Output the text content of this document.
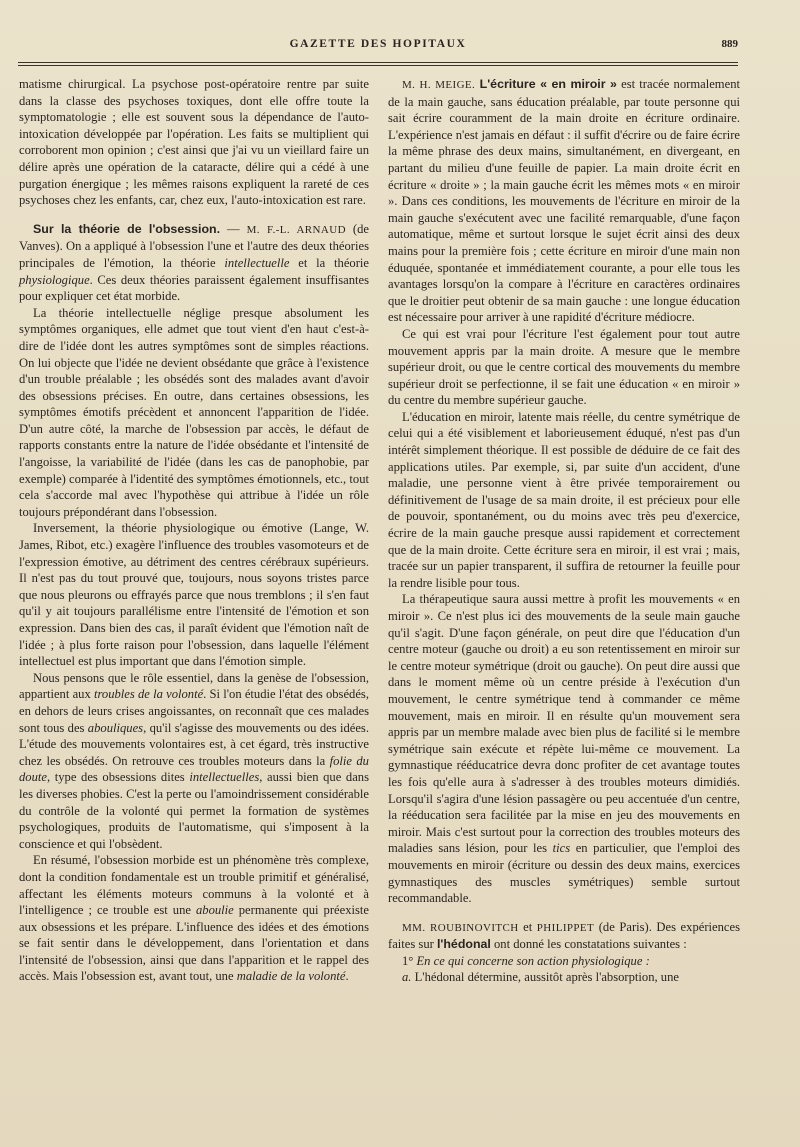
GAZETTE DES HOPITAUX	889

matisme chirurgical. La psychose post-opératoire rentre par suite dans la classe des psychoses toxiques, dont elle offre toute la symptomatologie ; elle est souvent sous la dépendance de l'auto-intoxication développée par l'opération. Les faits se multiplient qui corroborent mon opinion ; c'est ainsi que j'ai vu un vieillard faire un délire après une opération de la cataracte, délire qui a cédé à une purgation énergique ; les mêmes raisons expliquent la rareté de ces psychoses chez les enfants, car, chez eux, l'auto-intoxication est rare.

Sur la théorie de l'obsession. — M. F.-L. ARNAUD (de Vanves). On a appliqué à l'obsession l'une et l'autre des deux théories principales de l'émotion, la théorie intellectuelle et la théorie physiologique. Ces deux théories paraissent également insuffisantes pour expliquer cet état morbide.

La théorie intellectuelle néglige presque absolument les symptômes organiques, elle admet que tout vient d'en haut c'est-à-dire de l'idée dont les autres symptômes sont de simples réactions. On lui objecte que l'idée ne devient obsédante que grâce à l'existence d'un trouble préalable ; les obsédés sont des malades avant d'avoir des obsessions précises. En outre, dans certaines obsessions, les symptômes émotifs précèdent et annoncent l'apparition de l'idée. D'un autre côté, la marche de l'obsession par accès, le défaut de rapports constants entre la nature de l'idée obsédante et l'intensité de l'angoisse, la variabilité de l'idée (dans les cas de panophobie, par exemple) comparée à l'identité des symptômes émotionnels, etc., tout cela s'accorde mal avec l'hypothèse qui attribue à l'idée un rôle toujours prépondérant dans l'obsession.

Inversement, la théorie physiologique ou émotive (Lange, W. James, Ribot, etc.) exagère l'influence des troubles vasomoteurs et de l'expression émotive, au détriment des centres cérébraux supérieurs. Il n'est pas du tout prouvé que, toujours, nous soyons tristes parce que nous pleurons ou effrayés parce que nous tremblons ; il s'en faut qu'il y ait toujours parallélisme entre l'intensité de l'émotion et son expression. Dans bien des cas, il paraît évident que l'émotion naît de l'idée ; à plus forte raison pour l'obsession, dans laquelle l'élément intellectuel est plus important que dans l'émotion simple.

Nous pensons que le rôle essentiel, dans la genèse de l'obsession, appartient aux troubles de la volonté. Si l'on étudie l'état des obsédés, en dehors de leurs crises angoissantes, on reconnaît que ces malades sont tous des abouliques, qu'il s'agisse des mouvements ou des idées. L'étude des mouvements volontaires est, à cet égard, très instructive chez les obsédés. On retrouve ces troubles moteurs dans la folie du doute, type des obsessions dites intellectuelles, aussi bien que dans les diverses phobies. C'est la perte ou l'amoindrissement considérable du contrôle de la volonté qui permet la formation de systèmes psychologiques, produits de l'automatisme, qui s'imposent à la conscience et qui l'obsèdent.

En résumé, l'obsession morbide est un phénomène très complexe, dont la condition fondamentale est un trouble primitif et généralisé, affectant les éléments moteurs communs à la volonté et à l'intelligence ; ce trouble est une aboulie permanente qui préexiste aux obsessions et les prépare. L'influence des idées et des émotions se fait sentir dans le développement, dans l'orientation et dans l'intensité de l'obsession, ainsi que dans l'apparition et le rappel des accès. Mais l'obsession est, avant tout, une maladie de la volonté.

M. H. MEIGE. L'écriture « en miroir » est tracée normalement de la main gauche, sans éducation préalable, par toute personne qui sait écrire couramment de la main droite en écriture ordinaire. L'expérience n'est jamais en défaut : il suffit d'écrire ou de faire écrire la même phrase des deux mains, simultanément, en divergeant, en partant du milieu d'une feuille de papier. La main droite écrit en écriture « droite » ; la main gauche écrit les mêmes mots « en miroir ». Dans ces conditions, les mouvements de l'écriture en miroir de la main gauche s'exécutent avec une facilité remarquable, d'une façon automatique, même et surtout lorsque le sujet écrit ainsi des deux mains pour la première fois ; cette écriture en miroir d'une main non éduquée, spontanée et immédiatement courante, a pour elle tous les avantages lorsqu'on la compare à l'écriture en caractères ordinaires que le droitier peut obtenir de sa main gauche : une longue éducation est nécessaire pour arriver à une rapidité d'écriture médiocre.

Ce qui est vrai pour l'écriture l'est également pour tout autre mouvement appris par la main droite. A mesure que le membre supérieur droit, ou que le centre cortical des mouvements du membre supérieur droit se perfectionne, il se fait une éducation « en miroir » du centre du membre supérieur gauche.

L'éducation en miroir, latente mais réelle, du centre symétrique de celui qui a été visiblement et laborieusement éduqué, n'est pas d'un intérêt simplement théorique. Il est possible de déduire de ce fait des applications utiles. Par exemple, si, par suite d'un accident, d'une maladie, une personne vient à être privée temporairement ou définitivement de l'usage de sa main droite, il est précieux pour elle de pouvoir, spontanément, ou du moins avec très peu d'exercice, écrire de la main gauche presque aussi rapidement et correctement que de la main droite. Cette écriture sera en miroir, il est vrai ; mais, tracée sur un papier transparent, il suffira de retourner la feuille pour la rendre lisible pour tous.

La thérapeutique saura aussi mettre à profit les mouvements « en miroir ». Ce n'est plus ici des mouvements de la seule main gauche qu'il s'agit. D'une façon générale, on peut dire que l'éducation d'un centre moteur (gauche ou droit) a eu son retentissement en miroir sur le centre moteur symétrique (droit ou gauche). On peut dire aussi que dans le moment même où un centre préside à l'exécution d'un mouvement, le centre symétrique tend à commander ce même mouvement, mais en miroir. Il en résulte qu'un mouvement sera appris par un membre malade avec bien plus de facilité si le membre symétrique sain exécute et répète lui-même ce mouvement. La gymnastique rééducatrice devra donc profiter de cet avantage toutes les fois qu'elle aura à s'adresser à des troubles moteurs dimidiés. Lorsqu'il s'agira d'une lésion passagère ou peu accentuée d'un centre, la rééducation sera facilitée par la mise en jeu des mouvements en miroir. Mais c'est surtout pour la correction des troubles moteurs des maladies sans lésion, pour les tics en particulier, que l'emploi des mouvements en miroir (écriture ou dessin des deux mains, exercices gymnastiques des muscles symétriques) semble surtout recommandable.

MM. ROUBINOVITCH et PHILIPPET (de Paris). Des expériences faites sur l'hédonal ont donné les constatations suivantes :

1° En ce qui concerne son action physiologique :

a. L'hédonal détermine, aussitôt après l'absorption, une
